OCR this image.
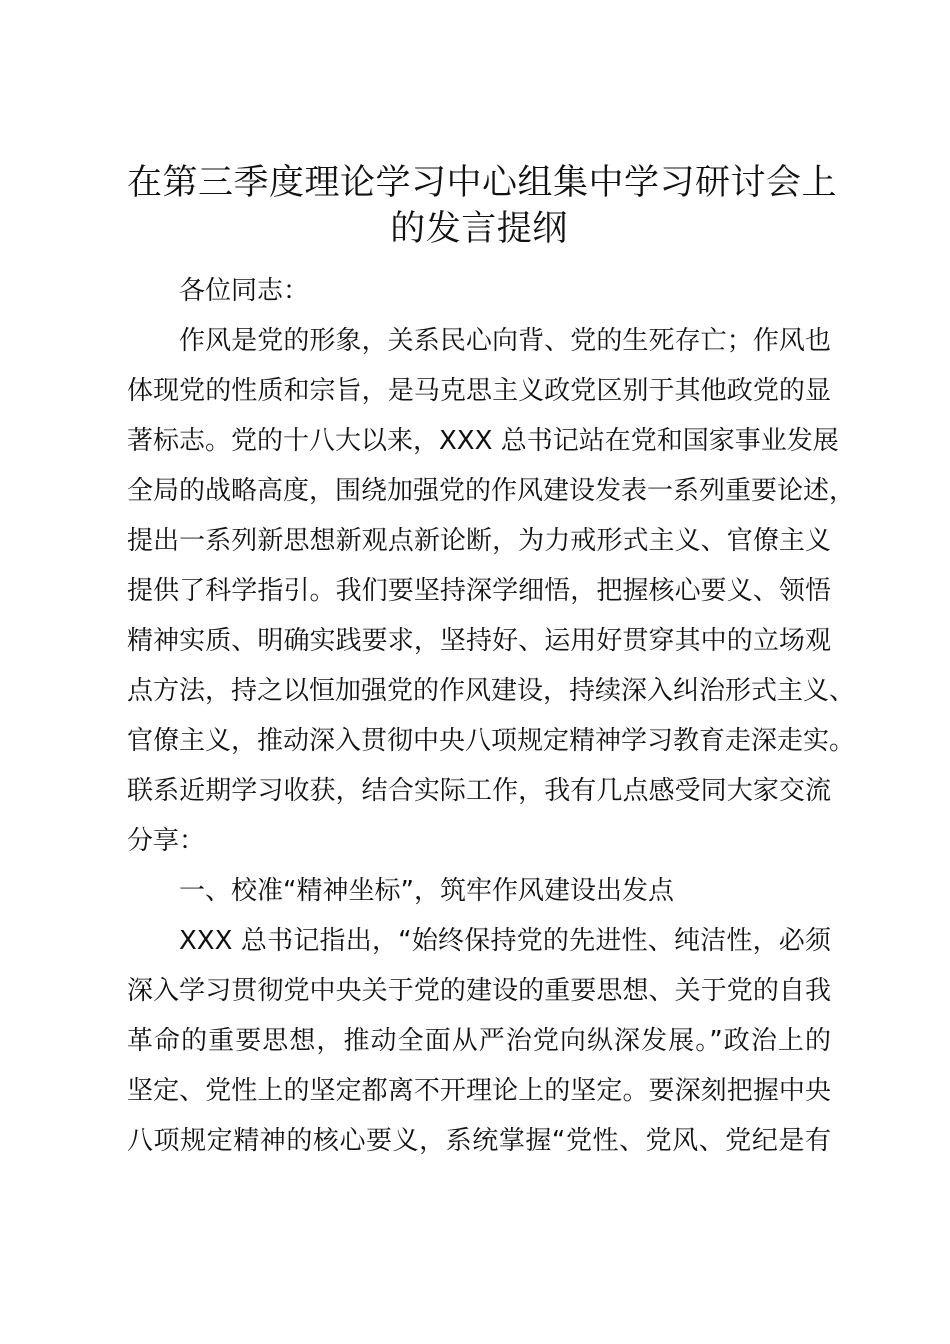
在第三季度理论学习中心组集中学习研讨会上
的发言提纲
各位同志：
作风是党的形象，关系民心向背、党的生死存亡；作风也
体现党的性质和宗旨，是马克思主义政党区别于其他政党的显
著标志。党的十八大以来，XXX 总书记站在党和国家事业发展
全局的战略高度，围绕加强党的作风建设发表一系列重要论述，
提出一系列新思想新观点新论断，为力戒形式主义、官僚主义
提供了科学指引。我们要坚持深学细悟，把握核心要义、领悟
精神实质、明确实践要求，坚持好、运用好贯穿其中的立场观
点方法，持之以恒加强党的作风建设，持续深入纠治形式主义、
官僚主义，推动深入贯彻中央八项规定精神学习教育走深走实。
联系近期学习收获，结合实际工作，我有几点感受同大家交流
分享：
一、校准“精神坐标”，筑牢作风建设出发点
XXX 总书记指出，“始终保持党的先进性、纯洁性，必须
深入学习贯彻党中央关于党的建设的重要思想、关于党的自我
革命的重要思想，推动全面从严治党向纵深发展。”政治上的
坚定、党性上的坚定都离不开理论上的坚定。要深刻把握中央
八项规定精神的核心要义，系统掌握“党性、党风、党纪是有
